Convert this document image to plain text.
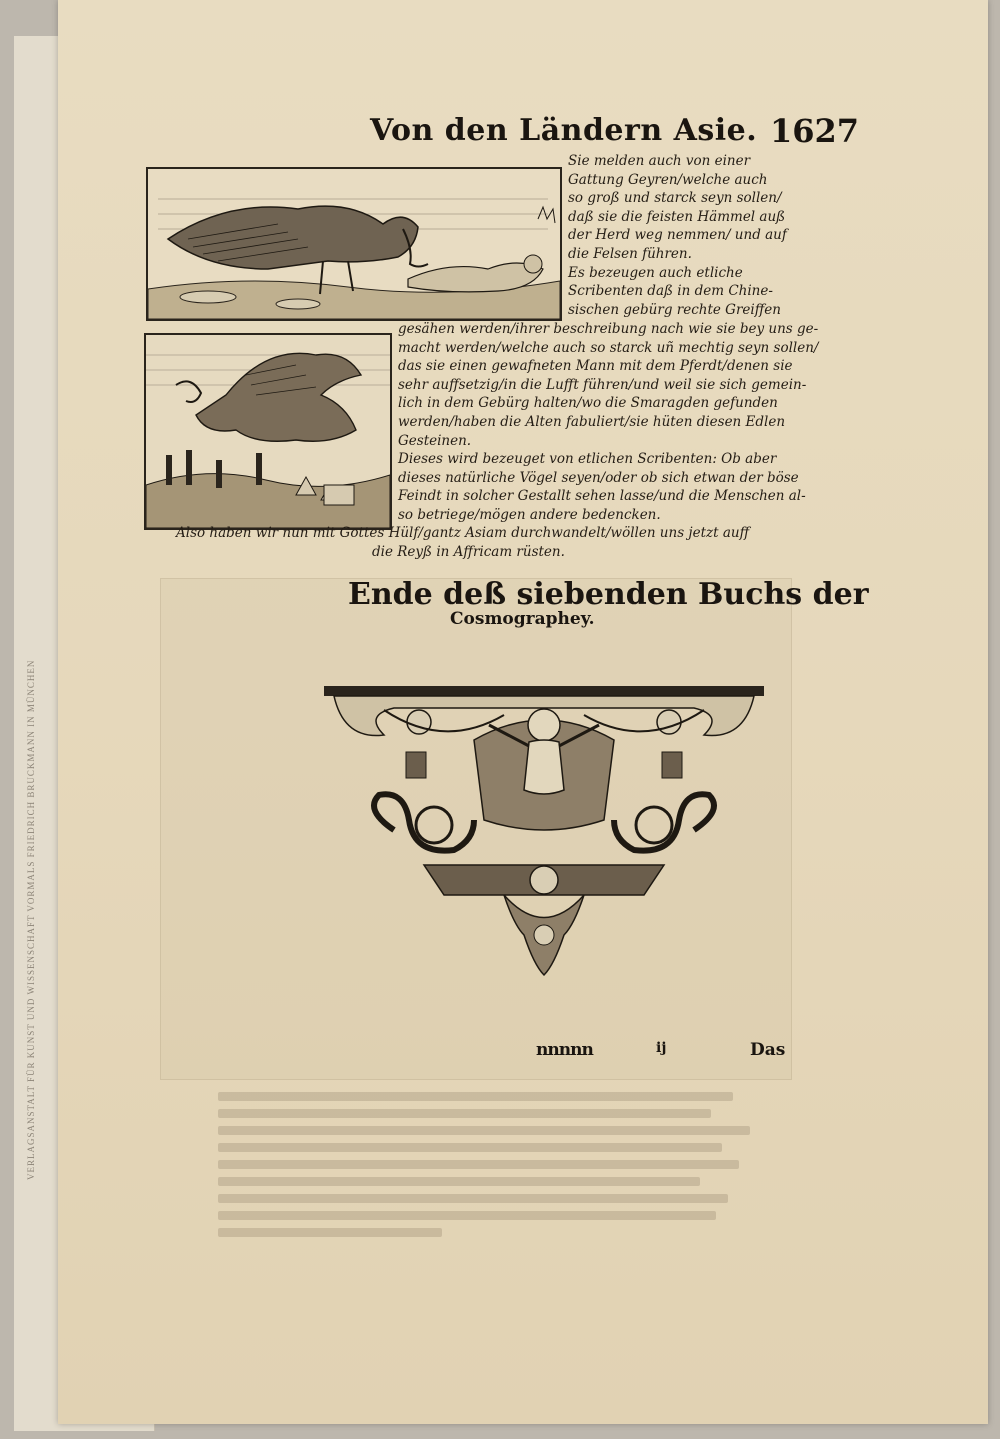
VERLAGSANSTALT FÜR KUNST UND WISSENSCHAFT VORMALS FRIEDRICH BRUCKMANN IN MÜNCHEN
Von den Ländern Asie. 1627
Sie melden auch von einer
Gattung Geyren/welche auch
so groß und starck seyn sollen/
daß sie die feisten Hämmel auß
der Herd weg nemmen/ und auf
die Felsen führen.
Es bezeugen auch etliche
Scribenten daß in dem Chine-
sischen gebürg rechte Greiffen
gesähen werden/ihrer beschreibung nach wie sie bey uns ge-
macht werden/welche auch so starck uñ mechtig seyn sollen/
das sie einen gewafneten Mann mit dem Pferdt/denen sie
sehr auffsetzig/in die Lufft führen/und weil sie sich gemein-
lich in dem Gebürg halten/wo die Smaragden gefunden
werden/haben die Alten fabuliert/sie hüten diesen Edlen
Gesteinen.
Dieses wird bezeuget von etlichen Scribenten: Ob aber
dieses natürliche Vögel seyen/oder ob sich etwan der böse
Feindt in solcher Gestallt sehen lasse/und die Menschen al-
so betriege/mögen andere bedencken.
Also haben wir nun mit Gottes Hülf/gantz Asiam durchwandelt/wöllen uns jetzt auff
die Reyß in Affricam rüsten.
Ende deß siebenden Buchs der
Cosmographey.
nnnnn	ij	Das
